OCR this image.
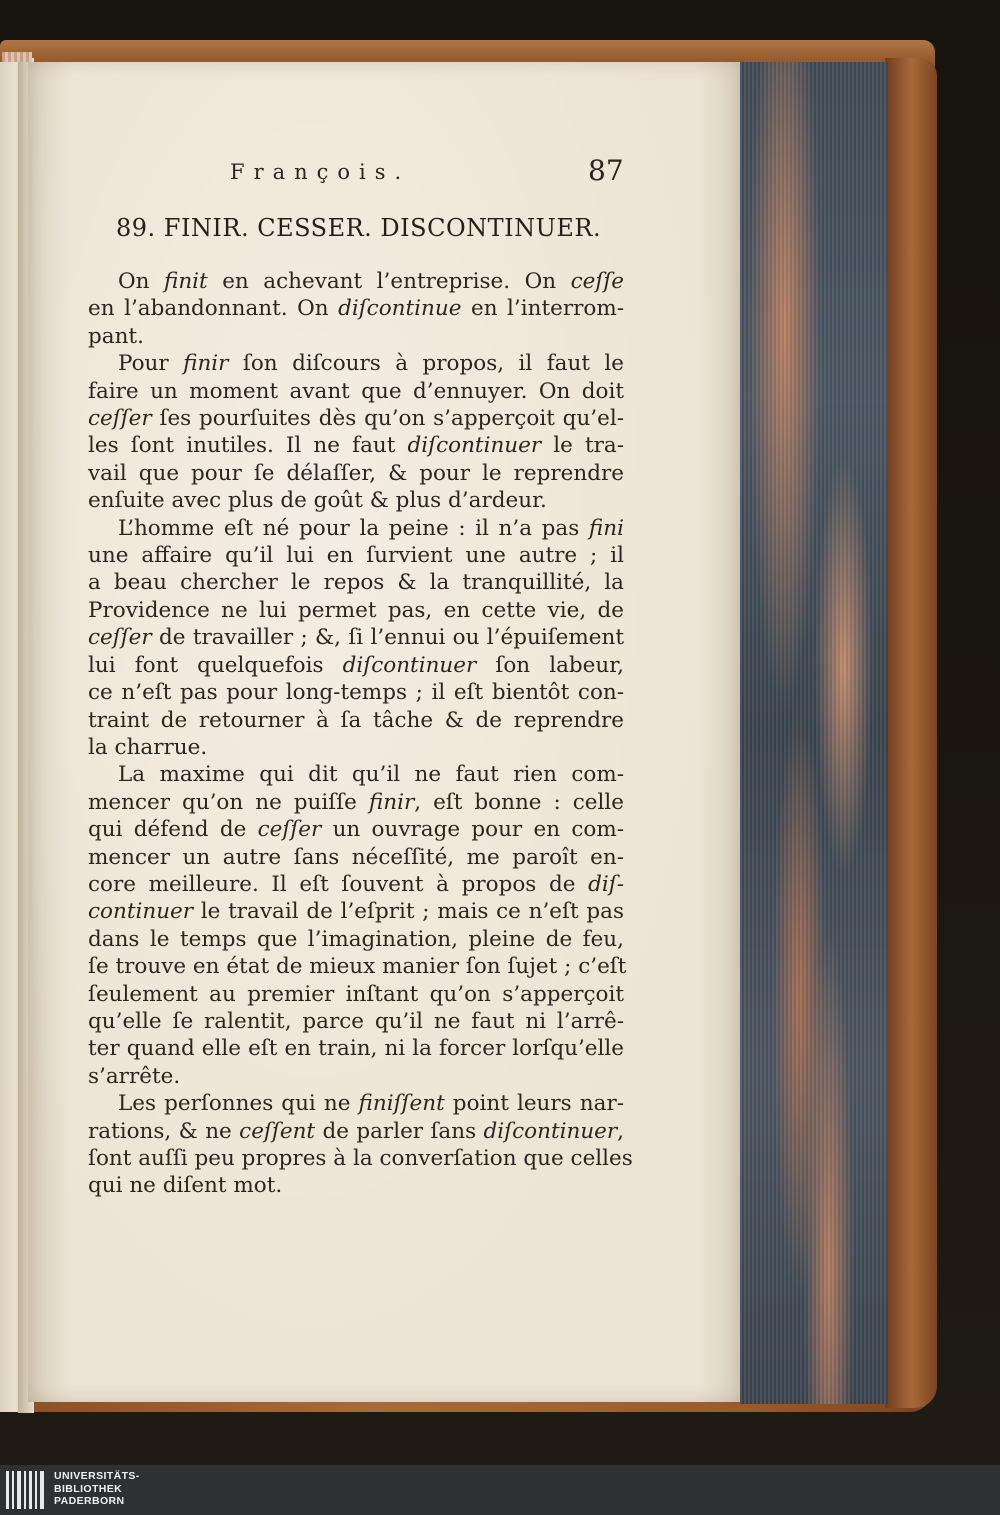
François.	87
89. FINIR. CESSER. DISCONTINUER.
On finit en achevant l’entreprise. On ceſſe
en l’abandonnant. On diſcontinue en l’interrom-
pant.
Pour finir ſon diſcours à propos, il faut le
faire un moment avant que d’ennuyer. On doit
ceſſer ſes pourſuites dès qu’on s’apperçoit qu’el-
les ſont inutiles. Il ne faut diſcontinuer le tra-
vail que pour ſe délaſſer, & pour le reprendre
enſuite avec plus de goût & plus d’ardeur.
L’homme eſt né pour la peine : il n’a pas fini
une affaire qu’il lui en ſurvient une autre ; il
a beau chercher le repos & la tranquillité, la
Providence ne lui permet pas, en cette vie, de
ceſſer de travailler ; &, ſi l’ennui ou l’épuiſement
lui font quelquefois diſcontinuer ſon labeur,
ce n’eſt pas pour long-temps ; il eſt bientôt con-
traint de retourner à ſa tâche & de reprendre
la charrue.
La maxime qui dit qu’il ne faut rien com-
mencer qu’on ne puiſſe finir, eſt bonne : celle
qui défend de ceſſer un ouvrage pour en com-
mencer un autre ſans néceſſité, me paroît en-
core meilleure. Il eſt ſouvent à propos de diſ-
continuer le travail de l’eſprit ; mais ce n’eſt pas
dans le temps que l’imagination, pleine de feu,
ſe trouve en état de mieux manier ſon ſujet ; c’eſt
ſeulement au premier inſtant qu’on s’apperçoit
qu’elle ſe ralentit, parce qu’il ne faut ni l’arrê-
ter quand elle eſt en train, ni la forcer lorſqu’elle
s’arrête.
Les perſonnes qui ne finiſſent point leurs nar-
rations, & ne ceſſent de parler ſans diſcontinuer,
ſont auſſi peu propres à la converſation que celles
qui ne diſent mot.
UNIVERSITÄTS-
BIBLIOTHEK
PADERBORN
